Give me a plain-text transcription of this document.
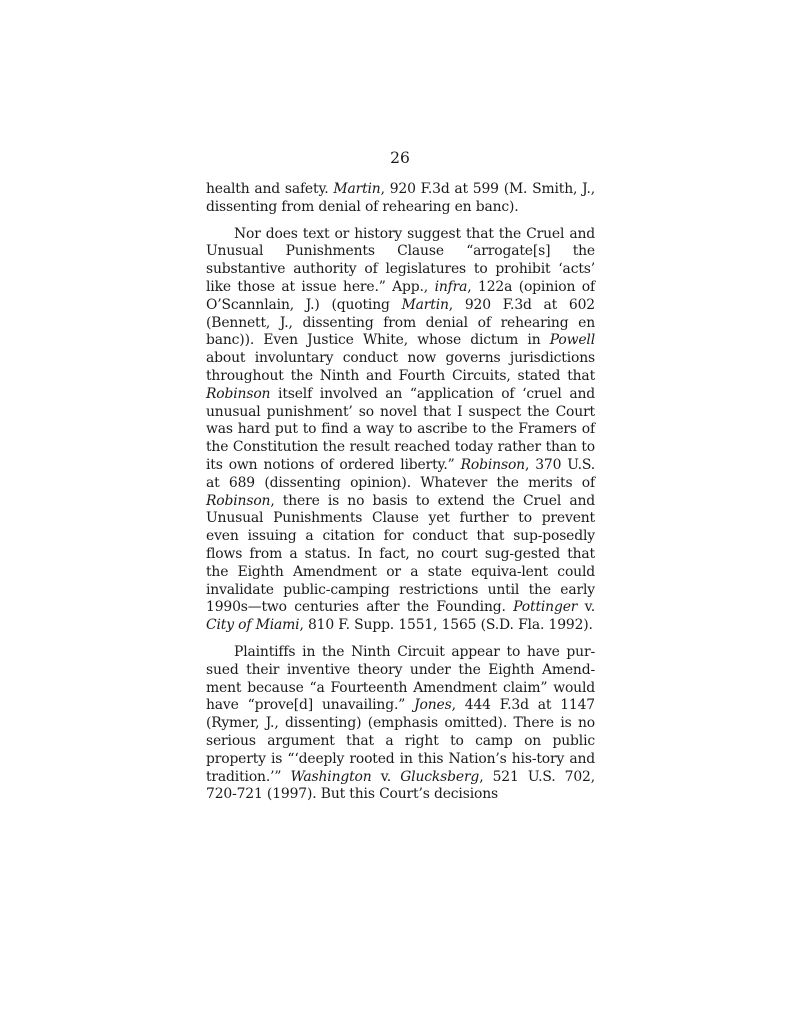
26

health and safety. Martin, 920 F.3d at 599 (M. Smith, J., dissenting from denial of rehearing en banc).

Nor does text or history suggest that the Cruel and Unusual Punishments Clause “arrogate[s] the substantive authority of legislatures to prohibit ‘acts’ like those at issue here.” App., infra, 122a (opinion of O’Scannlain, J.) (quoting Martin, 920 F.3d at 602 (Bennett, J., dissenting from denial of rehearing en banc)). Even Justice White, whose dictum in Powell about involuntary conduct now governs jurisdictions throughout the Ninth and Fourth Circuits, stated that Robinson itself involved an “application of ‘cruel and unusual punishment’ so novel that I suspect the Court was hard put to find a way to ascribe to the Framers of the Constitution the result reached today rather than to its own notions of ordered liberty.” Robinson, 370 U.S. at 689 (dissenting opinion). Whatever the merits of Robinson, there is no basis to extend the Cruel and Unusual Punishments Clause yet further to prevent even issuing a citation for conduct that sup-posedly flows from a status. In fact, no court sug-gested that the Eighth Amendment or a state equiva-lent could invalidate public-camping restrictions until the early 1990s—two centuries after the Founding. Pottinger v. City of Miami, 810 F. Supp. 1551, 1565 (S.D. Fla. 1992).

Plaintiffs in the Ninth Circuit appear to have pur-sued their inventive theory under the Eighth Amend-ment because “a Fourteenth Amendment claim” would have “prove[d] unavailing.” Jones, 444 F.3d at 1147 (Rymer, J., dissenting) (emphasis omitted). There is no serious argument that a right to camp on public property is “‘deeply rooted in this Nation’s his-tory and tradition.’” Washington v. Glucksberg, 521 U.S. 702, 720-721 (1997). But this Court’s decisions
